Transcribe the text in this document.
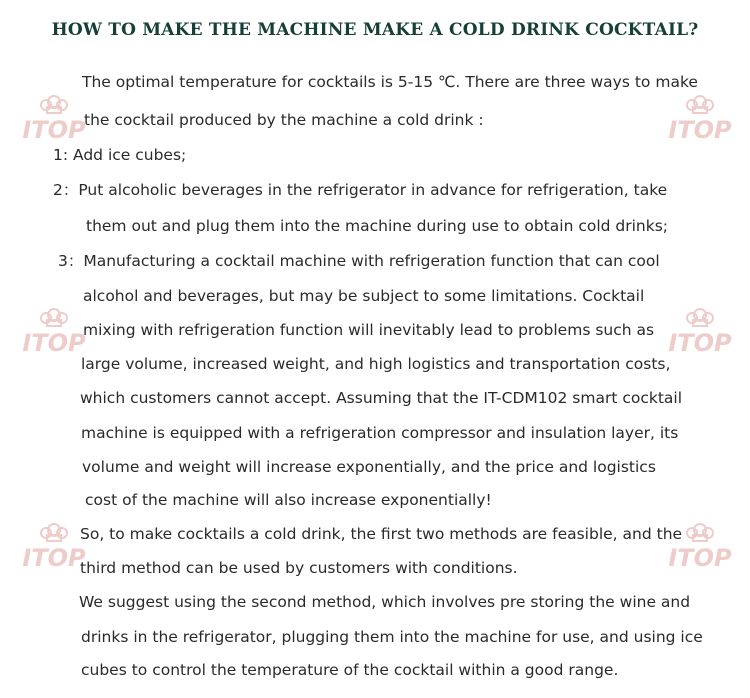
ITOP	ITOP
ITOP	ITOP
ITOP	ITOP
HOW TO MAKE THE MACHINE MAKE A COLD DRINK COCKTAIL?
The optimal temperature for cocktails is 5-15 ℃. There are three ways to make
the cocktail produced by the machine a cold drink :
1: Add ice cubes;
2：Put alcoholic beverages in the refrigerator in advance for refrigeration, take
them out and plug them into the machine during use to obtain cold drinks;
3：Manufacturing a cocktail machine with refrigeration function that can cool
alcohol and beverages, but may be subject to some limitations. Cocktail
mixing with refrigeration function will inevitably lead to problems such as
large volume, increased weight, and high logistics and transportation costs,
which customers cannot accept. Assuming that the IT-CDM102 smart cocktail
machine is equipped with a refrigeration compressor and insulation layer, its
volume and weight will increase exponentially, and the price and logistics
cost of the machine will also increase exponentially!
So, to make cocktails a cold drink, the first two methods are feasible, and the
third method can be used by customers with conditions.
We suggest using the second method, which involves pre storing the wine and
drinks in the refrigerator, plugging them into the machine for use, and using ice
cubes to control the temperature of the cocktail within a good range.
